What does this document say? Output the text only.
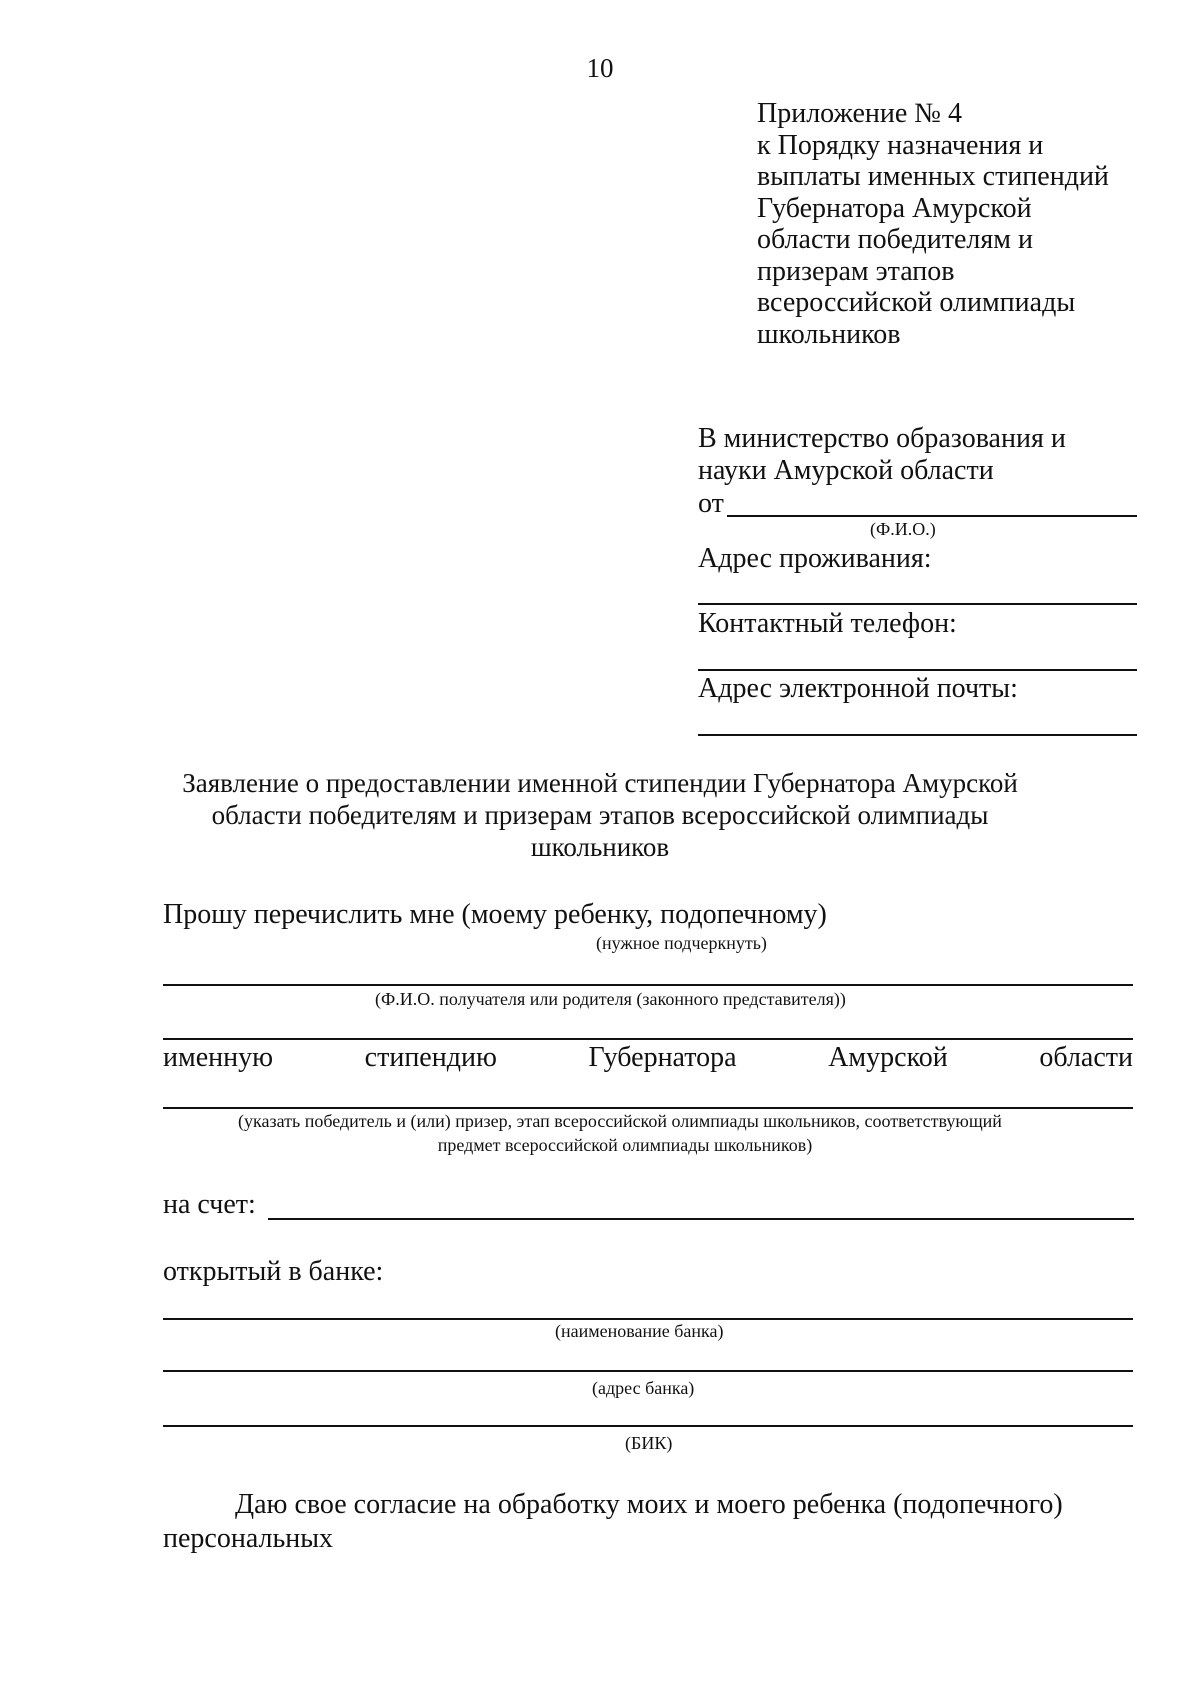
10
Приложение № 4
к Порядку назначения и
выплаты именных стипендий
Губернатора Амурской
области победителям и
призерам этапов
всероссийской олимпиады
школьников
В министерство образования и
науки Амурской области
от
(Ф.И.О.)
Адрес проживания:
Контактный телефон:
Адрес электронной почты:
Заявление о предоставлении именной стипендии Губернатора Амурской
области победителям и призерам этапов всероссийской олимпиады
школьников
Прошу перечислить мне (моему ребенку, подопечному)
(нужное подчеркнуть)
(Ф.И.О. получателя или родителя (законного представителя))
именную	стипендию	Губернатора	Амурской	области
(указать победитель и (или) призер, этап всероссийской олимпиады школьников, соответствующий
предмет всероссийской олимпиады школьников)
на счет:
открытый в банке:
(наименование банка)
(адрес банка)
(БИК)
Даю свое согласие на обработку моих и моего ребенка (подопечного)
персональных
